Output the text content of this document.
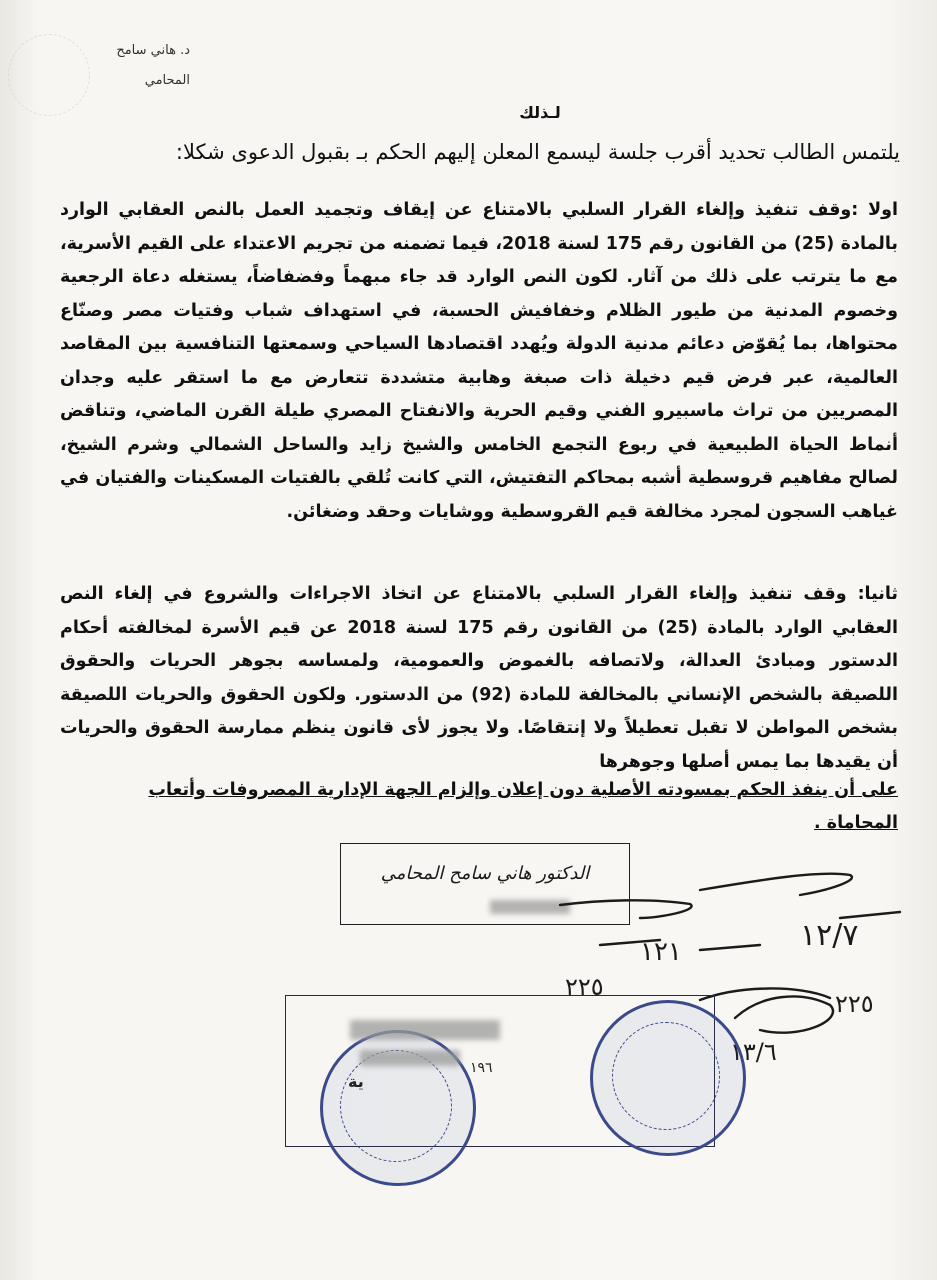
د. هاني سامح
المحامي
لـذلك
يلتمس الطالب تحديد أقرب جلسة ليسمع المعلن إليهم الحكم بـ بقبول الدعوى شكلا:
اولا :وقف تنفيذ وإلغاء القرار السلبي بالامتناع عن إيقاف وتجميد العمل بالنص العقابي الوارد بالمادة (25) من القانون رقم 175 لسنة 2018، فيما تضمنه من تجريم الاعتداء على القيم الأسرية، مع ما يترتب على ذلك من آثار. لكون النص الوارد قد جاء مبهماً وفضفاضاً، يستغله دعاة الرجعية وخصوم المدنية من طيور الظلام وخفافيش الحسبة، في استهداف شباب وفتيات مصر وصنّاع محتواها، بما يُقوّض دعائم مدنية الدولة ويُهدد اقتصادها السياحي وسمعتها التنافسية بين المقاصد العالمية، عبر فرض قيم دخيلة ذات صبغة وهابية متشددة تتعارض مع ما استقر عليه وجدان المصريين من تراث ماسبيرو الفني وقيم الحرية والانفتاح المصري طيلة القرن الماضي، وتناقض أنماط الحياة الطبيعية في ربوع التجمع الخامس والشيخ زايد والساحل الشمالي وشرم الشيخ، لصالح مفاهيم قروسطية أشبه بمحاكم التفتيش، التي كانت تُلقي بالفتيات المسكينات والفتيان في غياهب السجون لمجرد مخالفة قيم القروسطية ووشايات وحقد وضغائن.
ثانيا: وقف تنفيذ وإلغاء القرار السلبي بالامتناع عن اتخاذ الاجراءات والشروع في إلغاء النص العقابي الوارد بالمادة (25) من القانون رقم 175 لسنة 2018 عن قيم الأسرة لمخالفته أحكام الدستور ومبادئ العدالة، ولاتصافه بالغموض والعمومية، ولمساسه بجوهر الحريات والحقوق اللصيقة بالشخص الإنساني بالمخالفة للمادة (92) من الدستور. ولكون الحقوق والحريات اللصيقة بشخص المواطن لا تقبل تعطيلاً ولا إنتقاصًا. ولا يجوز لأى قانون ينظم ممارسة الحقوق والحريات أن يقيدها بما يمس أصلها وجوهرها
على أن ينفذ الحكم بمسودته الأصلية دون إعلان وإلزام الجهة الإدارية المصروفات وأتعاب المحاماة .
الدكتور هاني سامح المحامي
١٢/٧
١٢١
٢٢٥
٢٢٥
١٣/٦
١٩٦
ية
